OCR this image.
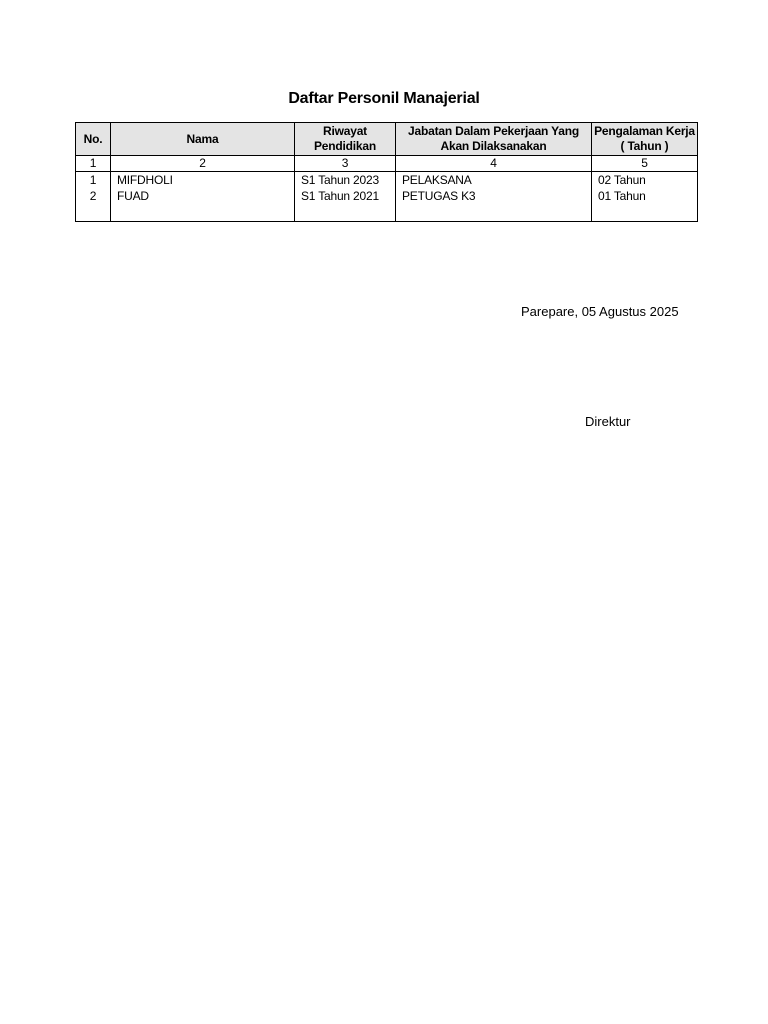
Daftar Personil Manajerial
No.	Nama	Riwayat Pendidikan	Jabatan Dalam Pekerjaan Yang Akan Dilaksanakan	Pengalaman Kerja ( Tahun )
1	2	3	4	5
1	MIFDHOLI	S1 Tahun 2023	PELAKSANA	02 Tahun
2	FUAD	S1 Tahun 2021	PETUGAS K3	01 Tahun

Parepare, 05 Agustus 2025
Direktur
